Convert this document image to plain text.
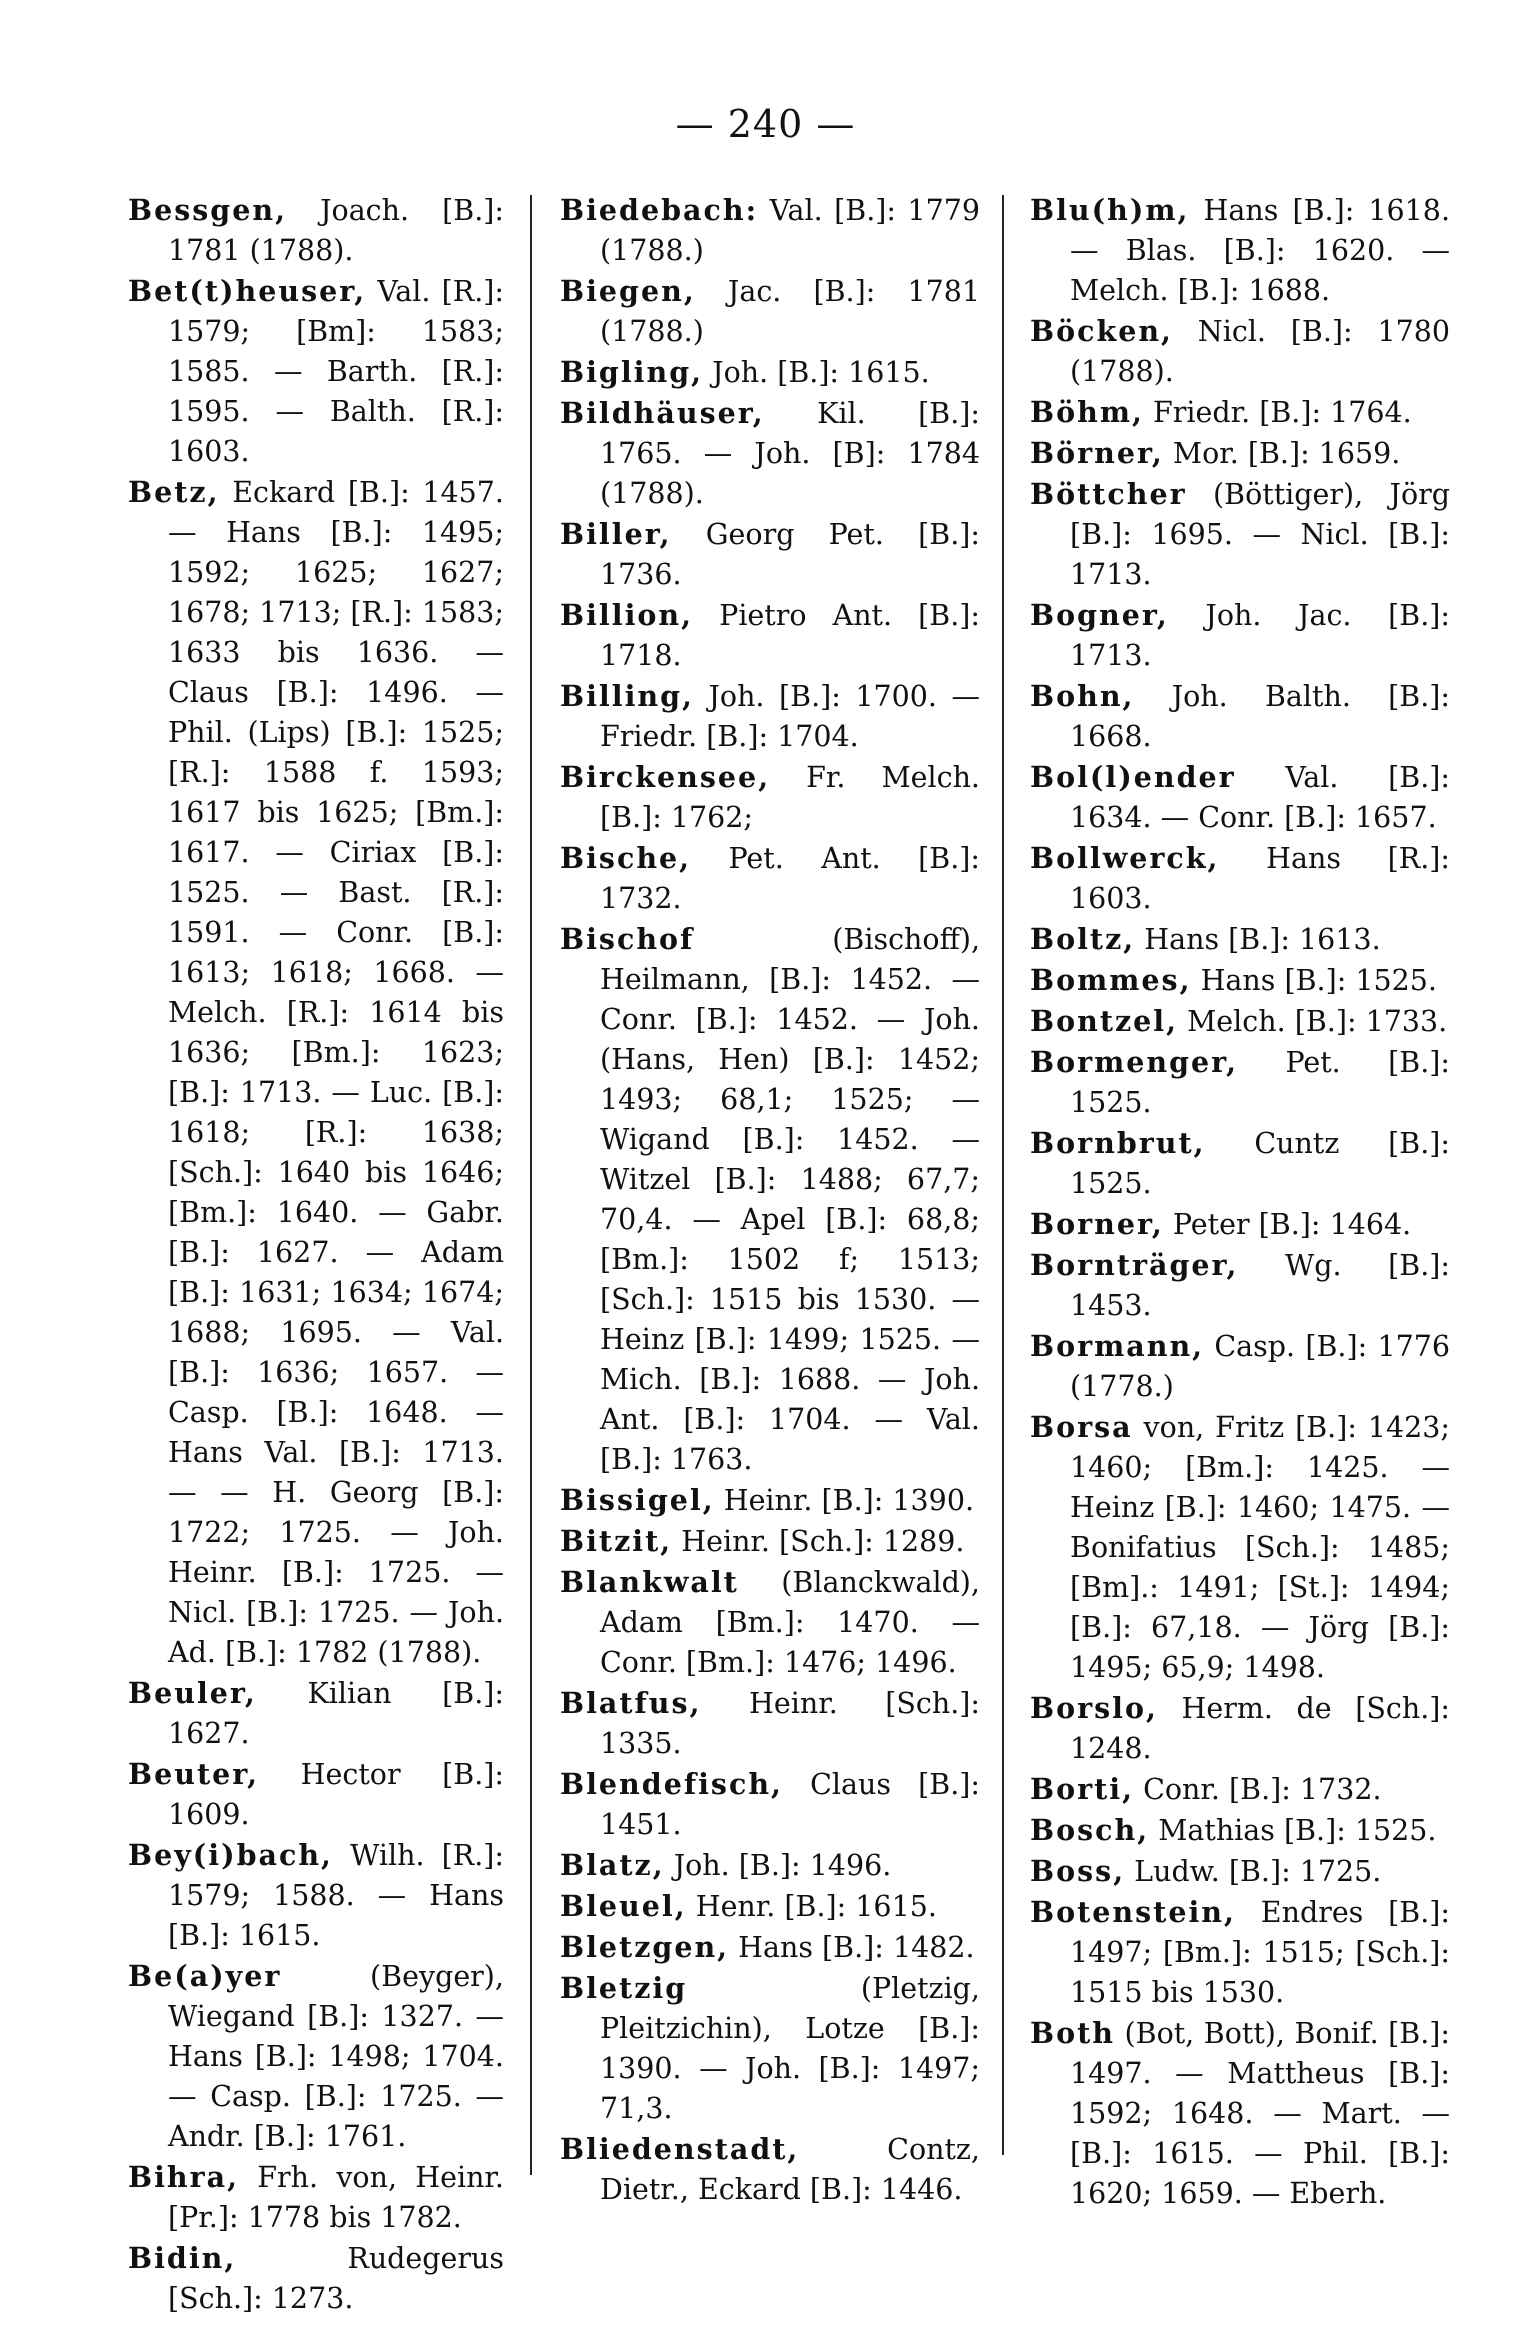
— 240 —

Bessgen, Joach. [B.]: 1781 (1788).

Bet(t)heuser, Val. [R.]: 1579; [Bm]: 1583; 1585. — Barth. [R.]: 1595. — Balth. [R.]: 1603.

Betz, Eckard [B.]: 1457. — Hans [B.]: 1495; 1592; 1625; 1627; 1678; 1713; [R.]: 1583; 1633 bis 1636. — Claus [B.]: 1496. — Phil. (Lips) [B.]: 1525; [R.]: 1588 f. 1593; 1617 bis 1625; [Bm.]: 1617. — Ciriax [B.]: 1525. — Bast. [R.]: 1591. — Conr. [B.]: 1613; 1618; 1668. — Melch. [R.]: 1614 bis 1636; [Bm.]: 1623; [B.]: 1713. — Luc. [B.]: 1618; [R.]: 1638; [Sch.]: 1640 bis 1646; [Bm.]: 1640. — Gabr. [B.]: 1627. — Adam [B.]: 1631; 1634; 1674; 1688; 1695. — Val. [B.]: 1636; 1657. — Casp. [B.]: 1648. — Hans Val. [B.]: 1713. — — H. Georg [B.]: 1722; 1725. — Joh. Heinr. [B.]: 1725. — Nicl. [B.]: 1725. — Joh. Ad. [B.]: 1782 (1788).

Beuler, Kilian [B.]: 1627.

Beuter, Hector [B.]: 1609.

Bey(i)bach, Wilh. [R.]: 1579; 1588. — Hans [B.]: 1615.

Be(a)yer (Beyger), Wiegand [B.]: 1327. — Hans [B.]: 1498; 1704. — Casp. [B.]: 1725. — Andr. [B.]: 1761.

Bihra, Frh. von, Heinr. [Pr.]: 1778 bis 1782.

Bidin, Rudegerus [Sch.]: 1273.

Biedebach: Val. [B.]: 1779 (1788.)

Biegen, Jac. [B.]: 1781 (1788.)

Bigling, Joh. [B.]: 1615.

Bildhäuser, Kil. [B.]: 1765. — Joh. [B]: 1784 (1788).

Biller, Georg Pet. [B.]: 1736.

Billion, Pietro Ant. [B.]: 1718.

Billing, Joh. [B.]: 1700. — Friedr. [B.]: 1704.

Birckensee, Fr. Melch. [B.]: 1762;

Bische, Pet. Ant. [B.]: 1732.

Bischof (Bischoff), Heilmann, [B.]: 1452. — Conr. [B.]: 1452. — Joh. (Hans, Hen) [B.]: 1452; 1493; 68,1; 1525; — Wigand [B.]: 1452. — Witzel [B.]: 1488; 67,7; 70,4. — Apel [B.]: 68,8; [Bm.]: 1502 f; 1513; [Sch.]: 1515 bis 1530. — Heinz [B.]: 1499; 1525. — Mich. [B.]: 1688. — Joh. Ant. [B.]: 1704. — Val. [B.]: 1763.

Bissigel, Heinr. [B.]: 1390.

Bitzit, Heinr. [Sch.]: 1289.

Blankwalt (Blanckwald), Adam [Bm.]: 1470. — Conr. [Bm.]: 1476; 1496.

Blatfus, Heinr. [Sch.]: 1335.

Blendefisch, Claus [B.]: 1451.

Blatz, Joh. [B.]: 1496.

Bleuel, Henr. [B.]: 1615.

Bletzgen, Hans [B.]: 1482.

Bletzig (Pletzig, Pleitzichin), Lotze [B.]: 1390. — Joh. [B.]: 1497; 71,3.

Bliedenstadt, Contz, Dietr., Eckard [B.]: 1446.

Blu(h)m, Hans [B.]: 1618. — Blas. [B.]: 1620. — Melch. [B.]: 1688.

Böcken, Nicl. [B.]: 1780 (1788).

Böhm, Friedr. [B.]: 1764.

Börner, Mor. [B.]: 1659.

Böttcher (Böttiger), Jörg [B.]: 1695. — Nicl. [B.]: 1713.

Bogner, Joh. Jac. [B.]: 1713.

Bohn, Joh. Balth. [B.]: 1668.

Bol(l)ender Val. [B.]: 1634. — Conr. [B.]: 1657.

Bollwerck, Hans [R.]: 1603.

Boltz, Hans [B.]: 1613.

Bommes, Hans [B.]: 1525.

Bontzel, Melch. [B.]: 1733.

Bormenger, Pet. [B.]: 1525.

Bornbrut, Cuntz [B.]: 1525.

Borner, Peter [B.]: 1464.

Bornträger, Wg. [B.]: 1453.

Bormann, Casp. [B.]: 1776 (1778.)

Borsa von, Fritz [B.]: 1423; 1460; [Bm.]: 1425. — Heinz [B.]: 1460; 1475. — Bonifatius [Sch.]: 1485; [Bm].: 1491; [St.]: 1494; [B.]: 67,18. — Jörg [B.]: 1495; 65,9; 1498.

Borslo, Herm. de [Sch.]: 1248.

Borti, Conr. [B.]: 1732.

Bosch, Mathias [B.]: 1525.

Boss, Ludw. [B.]: 1725.

Botenstein, Endres [B.]: 1497; [Bm.]: 1515; [Sch.]: 1515 bis 1530.

Both (Bot, Bott), Bonif. [B.]: 1497. — Mattheus [B.]: 1592; 1648. — Mart. — [B.]: 1615. — Phil. [B.]: 1620; 1659. — Eberh.
